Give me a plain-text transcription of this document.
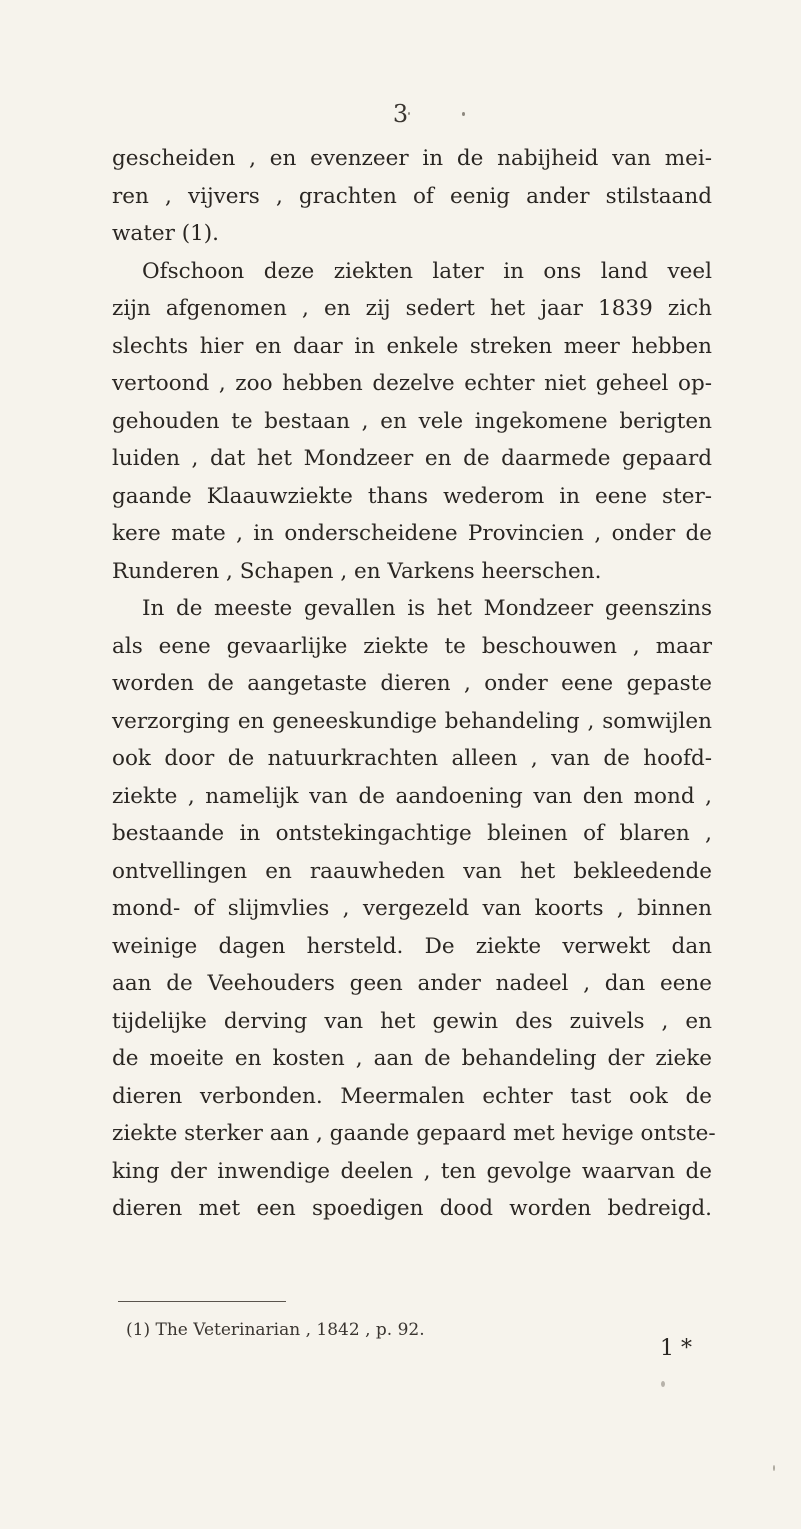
3
gescheiden , en evenzeer in de nabijheid van mei-
ren , vijvers , grachten of eenig ander stilstaand
water (1).
Ofschoon deze ziekten later in ons land veel
zijn afgenomen , en zij sedert het jaar 1839 zich
slechts hier en daar in enkele streken meer hebben
vertoond , zoo hebben dezelve echter niet geheel op-
gehouden te bestaan , en vele ingekomene berigten
luiden , dat het Mondzeer en de daarmede gepaard
gaande Klaauwziekte thans wederom in eene ster-
kere mate , in onderscheidene Provincien , onder de
Runderen , Schapen , en Varkens heerschen.
In de meeste gevallen is het Mondzeer geenszins
als eene gevaarlijke ziekte te beschouwen , maar
worden de aangetaste dieren , onder eene gepaste
verzorging en geneeskundige behandeling , somwijlen
ook door de natuurkrachten alleen , van de hoofd-
ziekte , namelijk van de aandoening van den mond ,
bestaande in ontstekingachtige bleinen of blaren ,
ontvellingen en raauwheden van het bekleedende
mond- of slijmvlies , vergezeld van koorts , binnen
weinige dagen hersteld. De ziekte verwekt dan
aan de Veehouders geen ander nadeel , dan eene
tijdelijke derving van het gewin des zuivels , en
de moeite en kosten , aan de behandeling der zieke
dieren verbonden. Meermalen echter tast ook de
ziekte sterker aan , gaande gepaard met hevige ontste-
king der inwendige deelen , ten gevolge waarvan de
dieren met een spoedigen dood worden bedreigd.
(1) The Veterinarian , 1842 , p. 92.
1 *
